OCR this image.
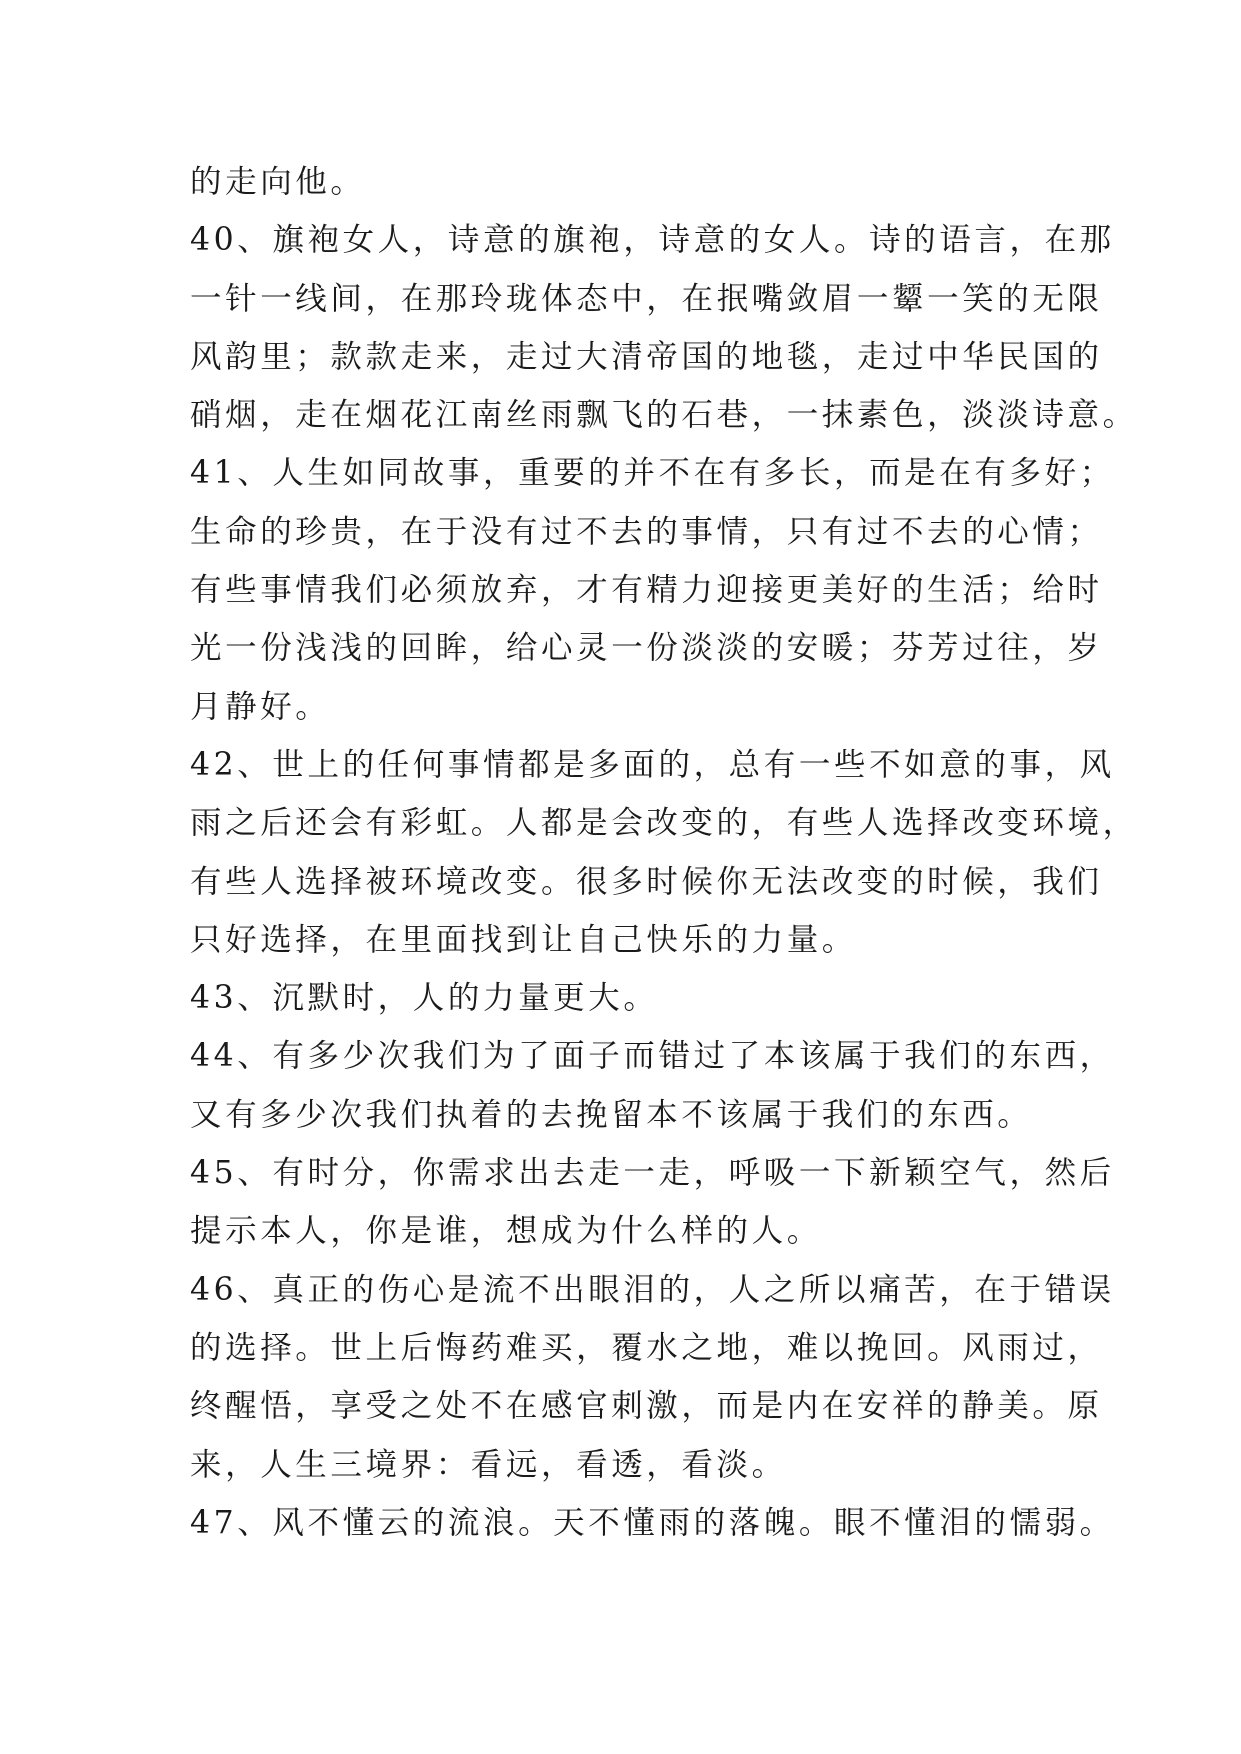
的走向他。
40、旗袍女人，诗意的旗袍，诗意的女人。诗的语言，在那
一针一线间，在那玲珑体态中，在抿嘴敛眉一颦一笑的无限
风韵里；款款走来，走过大清帝国的地毯，走过中华民国的
硝烟，走在烟花江南丝雨飘飞的石巷，一抹素色，淡淡诗意。
41、人生如同故事，重要的并不在有多长，而是在有多好；
生命的珍贵，在于没有过不去的事情，只有过不去的心情；
有些事情我们必须放弃，才有精力迎接更美好的生活；给时
光一份浅浅的回眸，给心灵一份淡淡的安暖；芬芳过往，岁
月静好。
42、世上的任何事情都是多面的，总有一些不如意的事，风
雨之后还会有彩虹。人都是会改变的，有些人选择改变环境，
有些人选择被环境改变。很多时候你无法改变的时候，我们
只好选择，在里面找到让自己快乐的力量。
43、沉默时，人的力量更大。
44、有多少次我们为了面子而错过了本该属于我们的东西，
又有多少次我们执着的去挽留本不该属于我们的东西。
45、有时分，你需求出去走一走，呼吸一下新颖空气，然后
提示本人，你是谁，想成为什么样的人。
46、真正的伤心是流不出眼泪的，人之所以痛苦，在于错误
的选择。世上后悔药难买，覆水之地，难以挽回。风雨过，
终醒悟，享受之处不在感官刺激，而是内在安祥的静美。原
来，人生三境界：看远，看透，看淡。
47、风不懂云的流浪。天不懂雨的落魄。眼不懂泪的懦弱。
